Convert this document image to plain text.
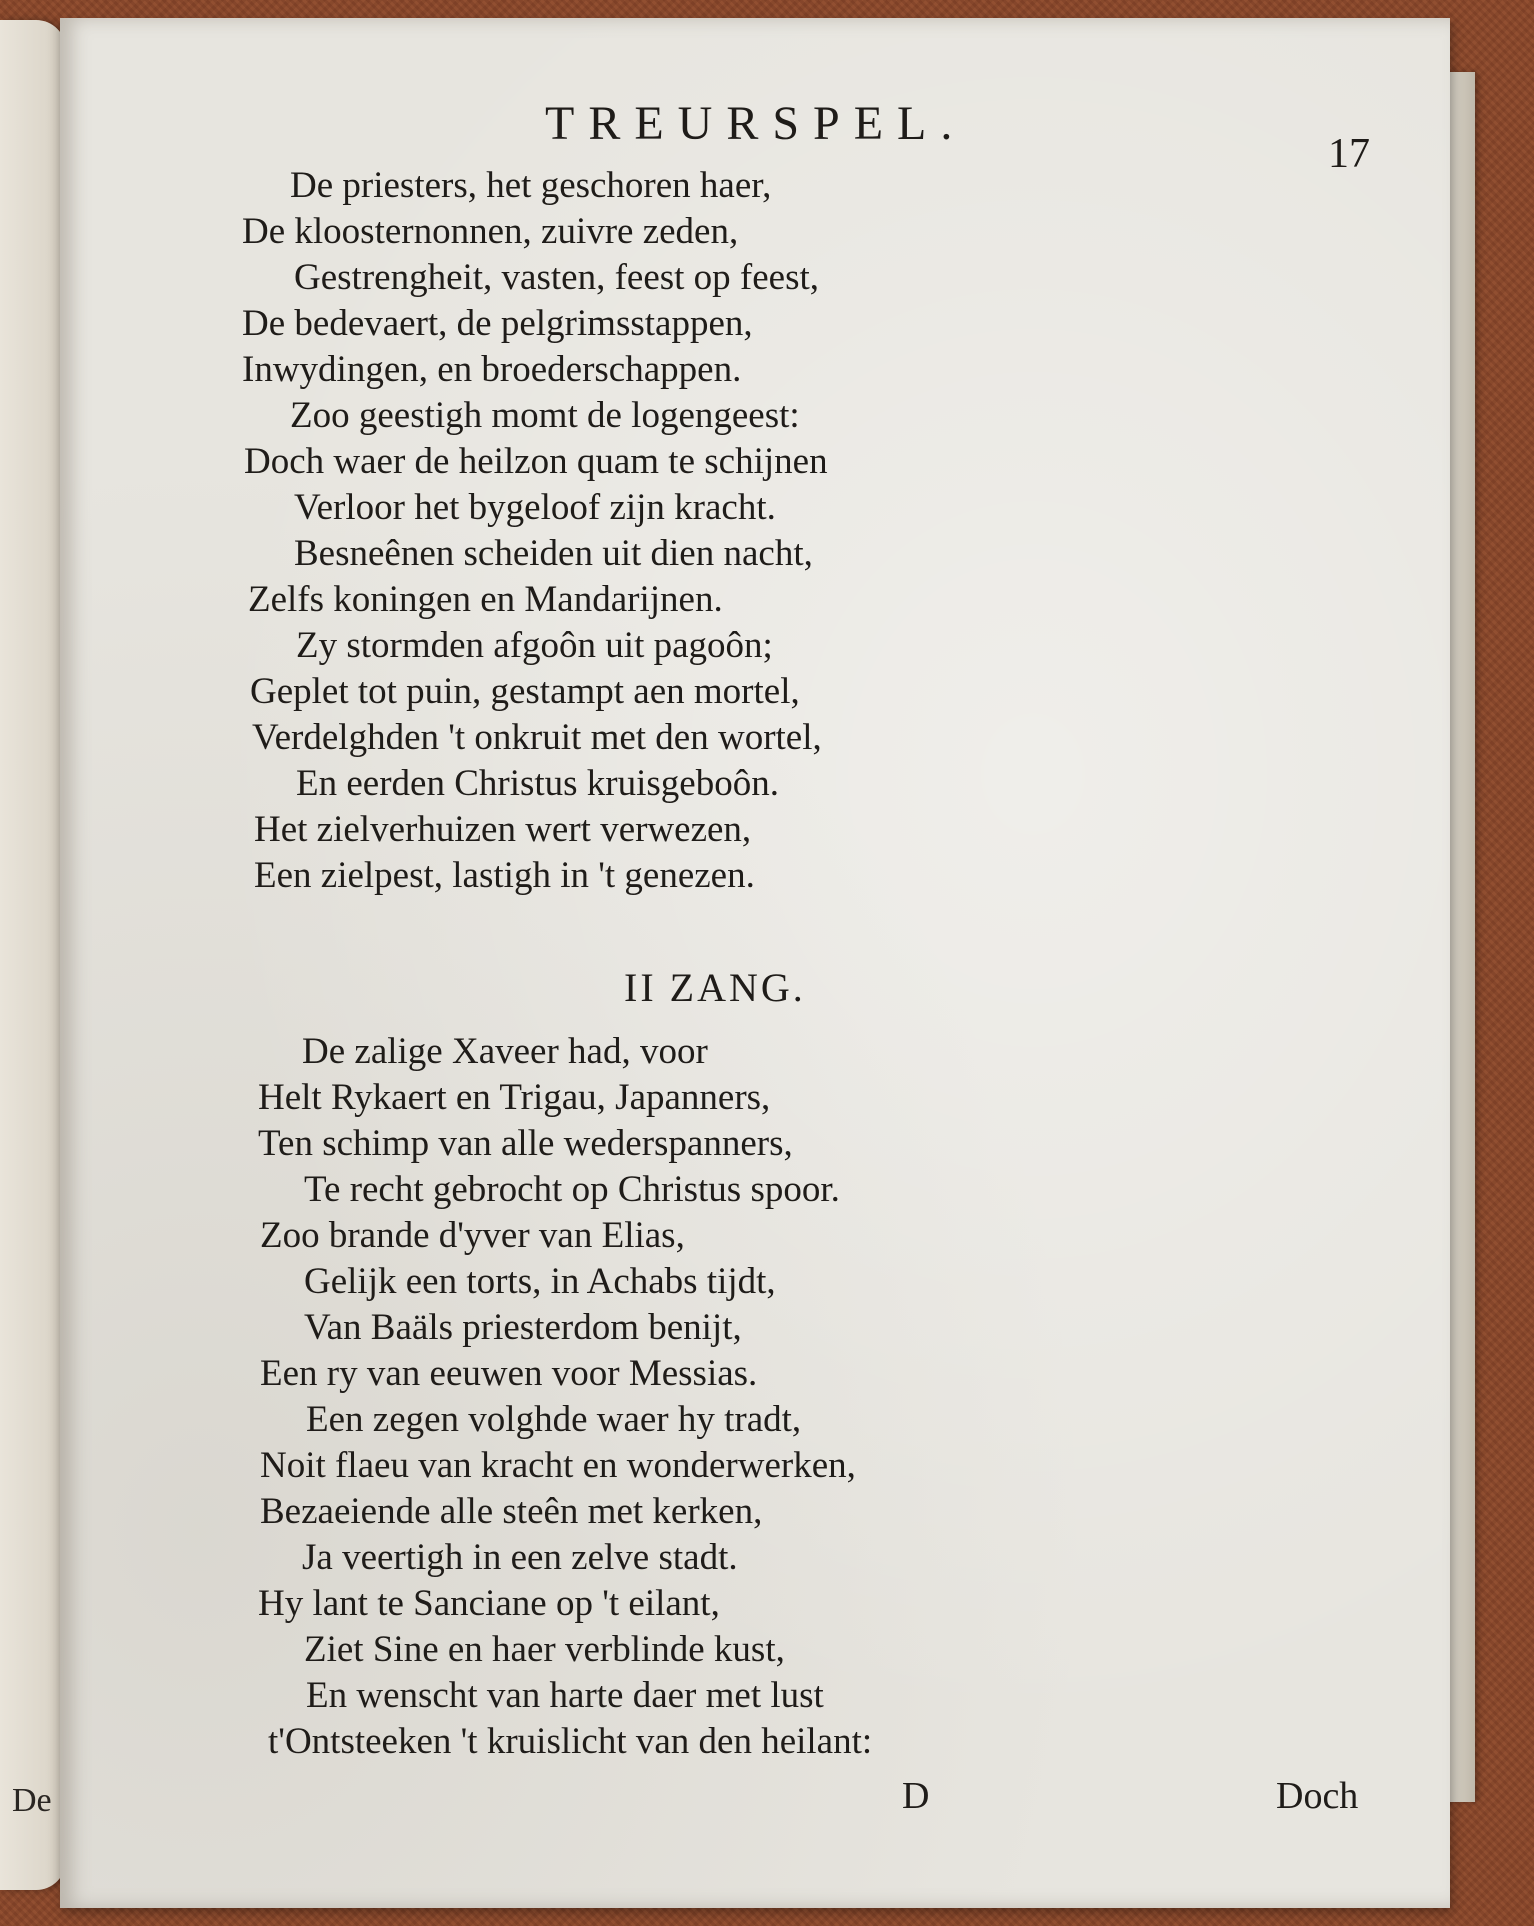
De
TREURSPEL.
17
De priesters, het geschoren haer,
De kloosternonnen, zuivre zeden,
Gestrengheit, vasten, feest op feest,
De bedevaert, de pelgrimsstappen,
Inwydingen, en broederschappen.
Zoo geestigh momt de logengeest:
Doch waer de heilzon quam te schijnen
Verloor het bygeloof zijn kracht.
Besneênen scheiden uit dien nacht,
Zelfs koningen en Mandarijnen.
Zy stormden afgoôn uit pagoôn;
Geplet tot puin, gestampt aen mortel,
Verdelghden 't onkruit met den wortel,
En eerden Christus kruisgeboôn.
Het zielverhuizen wert verwezen,
Een zielpest, lastigh in 't genezen.
II ZANG.
De zalige Xaveer had, voor
Helt Rykaert en Trigau, Japanners,
Ten schimp van alle wederspanners,
Te recht gebrocht op Christus spoor.
Zoo brande d'yver van Elias,
Gelijk een torts, in Achabs tijdt,
Van Baäls priesterdom benijt,
Een ry van eeuwen voor Messias.
Een zegen volghde waer hy tradt,
Noit flaeu van kracht en wonderwerken,
Bezaeiende alle steên met kerken,
Ja veertigh in een zelve stadt.
Hy lant te Sanciane op 't eilant,
Ziet Sine en haer verblinde kust,
En wenscht van harte daer met lust
t'Ontsteeken 't kruislicht van den heilant:
D	Doch
